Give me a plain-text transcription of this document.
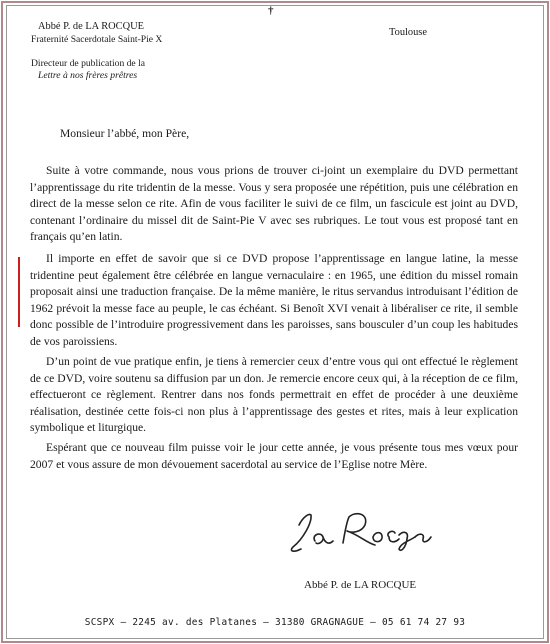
†
Abbé P. de LA ROCQUE
Fraternité Sacerdotale Saint-Pie X
Directeur de publication de la
Lettre à nos frères prêtres
Toulouse
Monsieur l’abbé, mon Père,

Suite à votre commande, nous vous prions de trouver ci-joint un exemplaire du DVD permettant l’apprentissage du rite tridentin de la messe. Vous y sera proposée une répétition, puis une célébration en direct de la messe selon ce rite. Afin de vous faciliter le suivi de ce film, un fascicule est joint au DVD, contenant l’ordinaire du missel dit de Saint-Pie V avec ses rubriques. Le tout vous est proposé tant en français qu’en latin.

Il importe en effet de savoir que si ce DVD propose l’apprentissage en langue latine, la messe tridentine peut également être célébrée en langue vernaculaire : en 1965, une édition du missel romain proposait ainsi une traduction française. De la même manière, le ritus servandus introduisant l’édition de 1962 prévoit la messe face au peuple, le cas échéant. Si Benoît XVI venait à libéraliser ce rite, il semble donc possible de l’introduire progressivement dans les paroisses, sans bousculer d’un coup les habitudes de vos paroissiens.

D’un point de vue pratique enfin, je tiens à remercier ceux d’entre vous qui ont effectué le règlement de ce DVD, voire soutenu sa diffusion par un don. Je remercie encore ceux qui, à la réception de ce film, effectueront ce règlement. Rentrer dans nos fonds permettrait en effet de procéder à une deuxième réalisation, destinée cette fois-ci non plus à l’apprentissage des gestes et rites, mais à leur explication symbolique et liturgique.

Espérant que ce nouveau film puisse voir le jour cette année, je vous présente tous mes vœux pour 2007 et vous assure de mon dévouement sacerdotal au service de l’Eglise notre Mère.

Abbé P. de LA ROCQUE
SCSPX – 2245 av. des Platanes – 31380 GRAGNAGUE – 05 61 74 27 93
